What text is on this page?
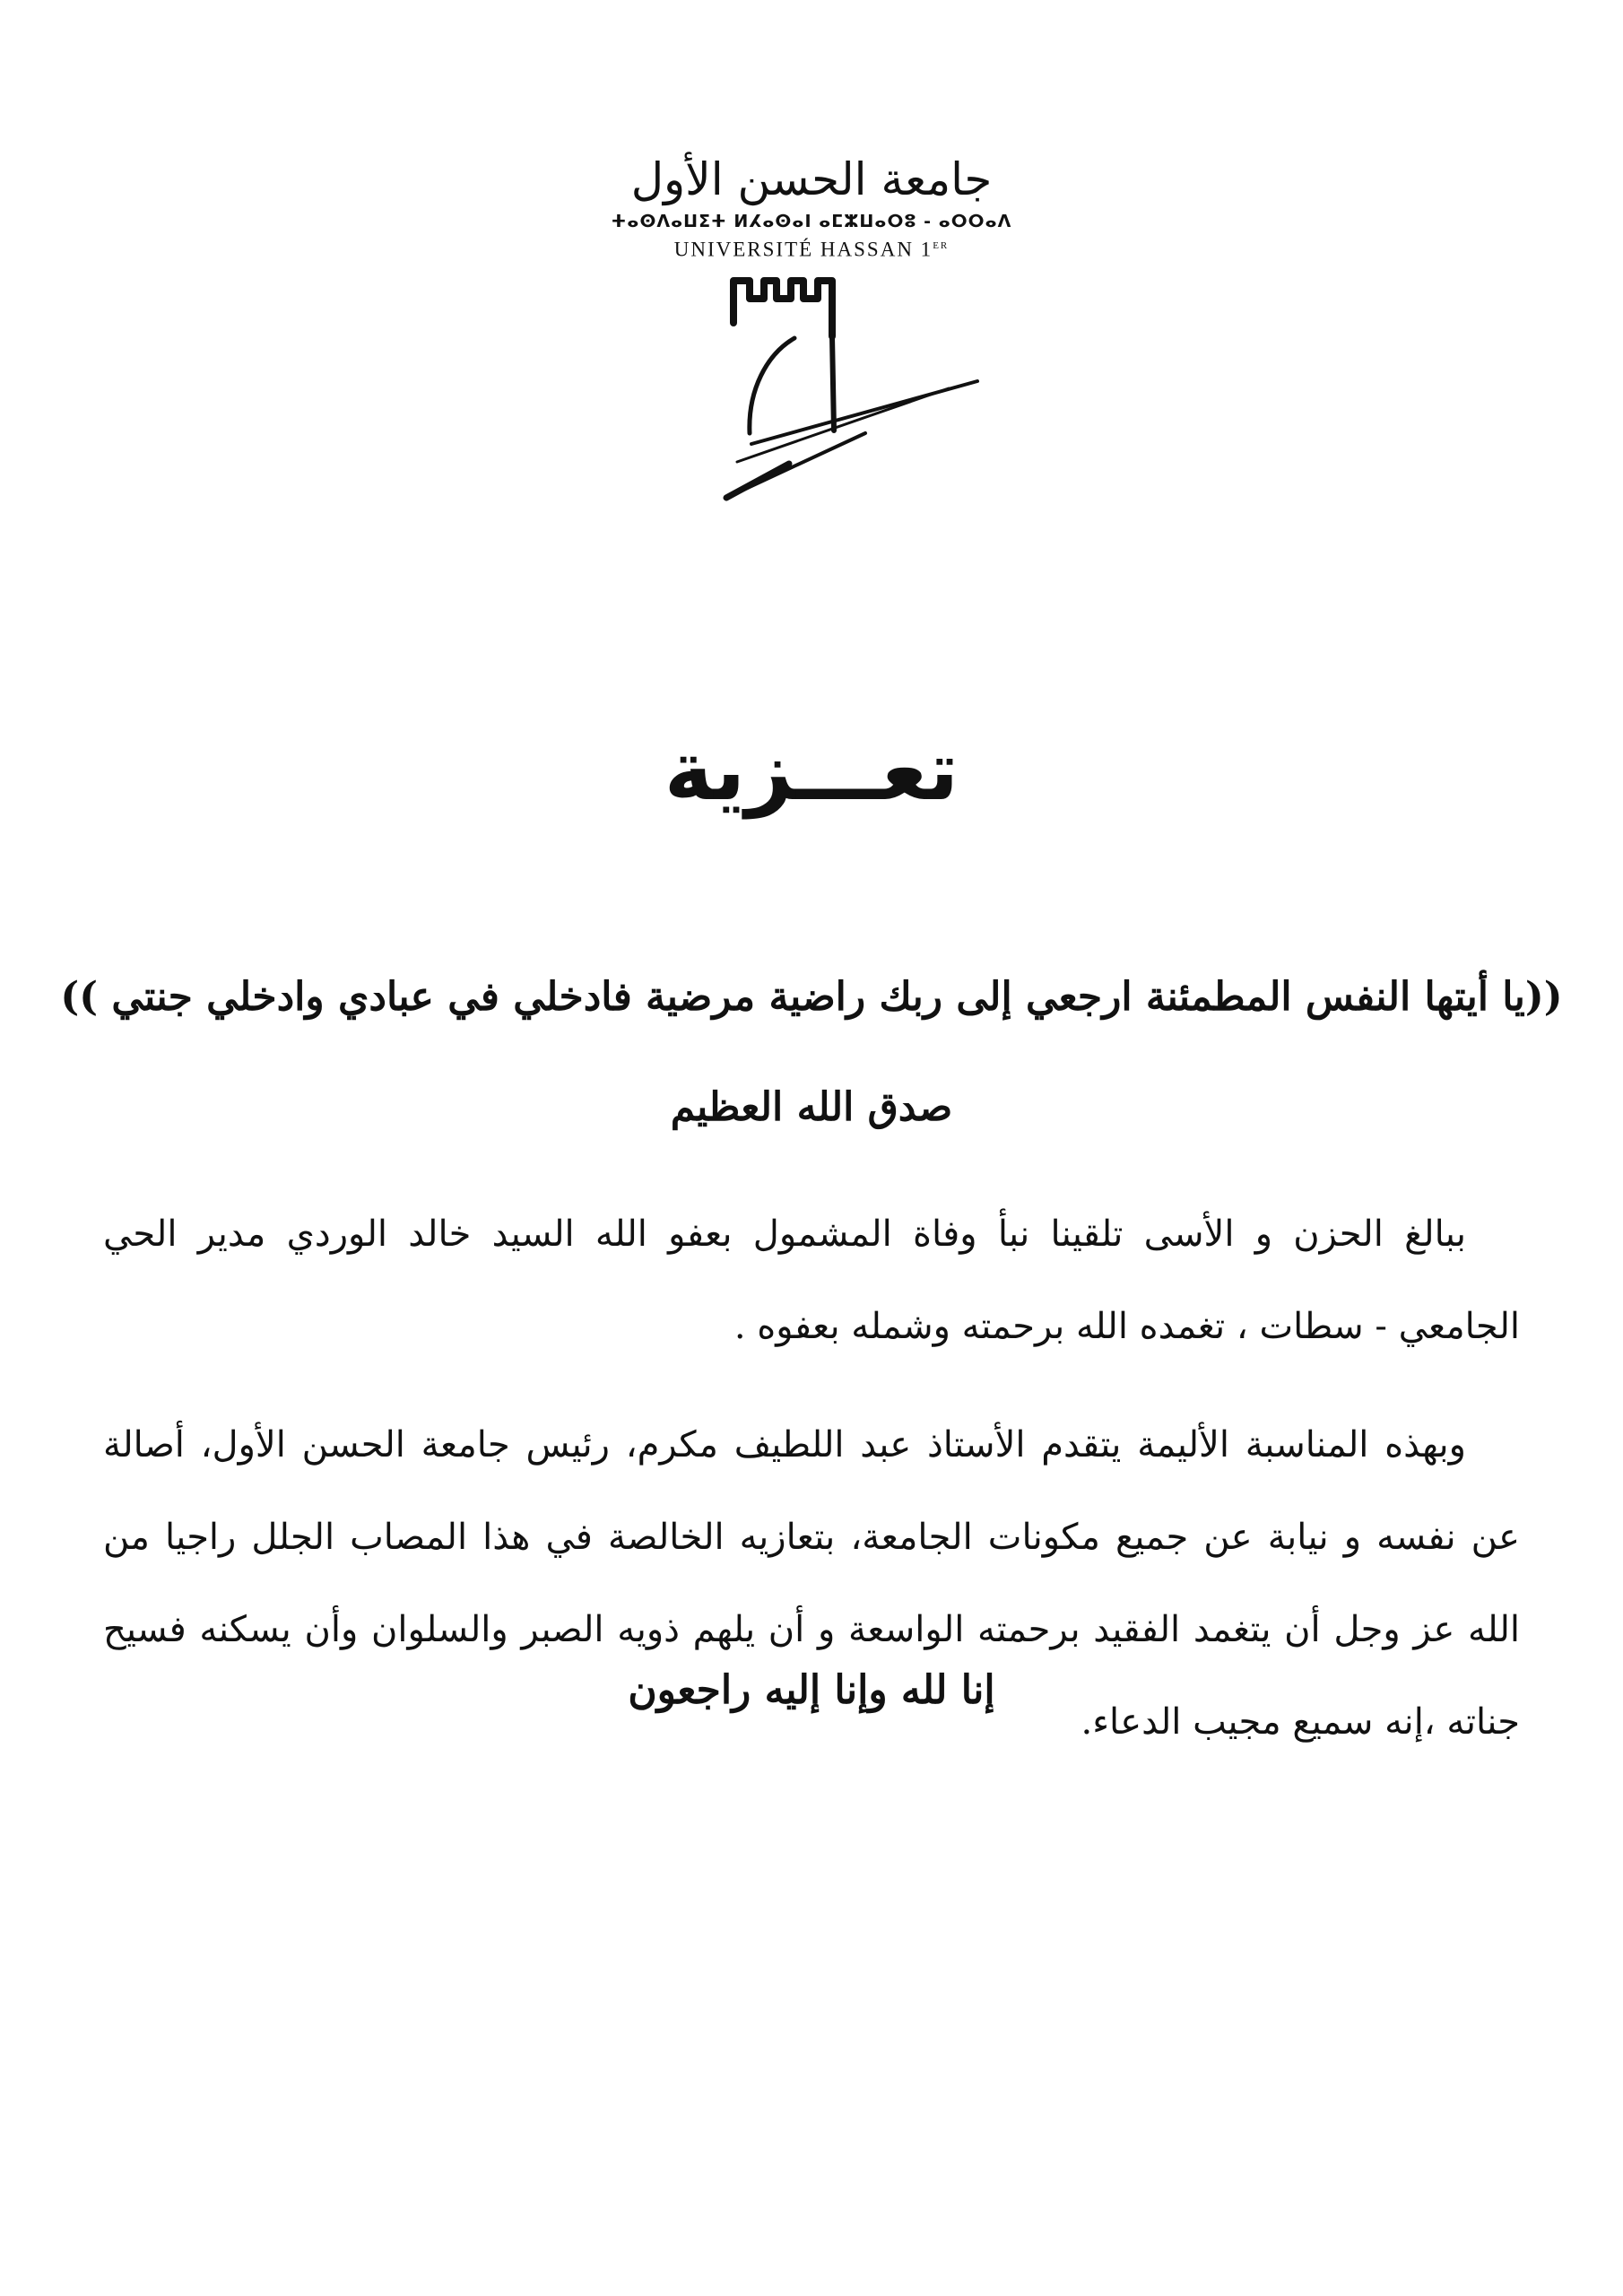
جامعة الحسن الأول
ⵜⴰⵙⴷⴰⵡⵉⵜ ⵍⵃⴰⵙⴰⵏ ⴰⵎⵣⵡⴰⵔⵓ - ⴰⵔⵔⴰⴷ
UNIVERSITÉ HASSAN 1ER
تعـــزية
((يا أيتها النفس المطمئنة ارجعي إلى ربك راضية مرضية فادخلي في عبادي وادخلي جنتي ))
صدق الله العظيم

ببالغ الحزن و الأسى تلقينا نبأ وفاة المشمول بعفو الله السيد خالد الوردي مدير الحي الجامعي - سطات ، تغمده الله برحمته وشمله بعفوه .

وبهذه المناسبة الأليمة يتقدم الأستاذ عبد اللطيف مكرم، رئيس جامعة الحسن الأول، أصالة عن نفسه و نيابة عن جميع مكونات الجامعة، بتعازيه الخالصة في هذا المصاب الجلل راجيا من الله عز وجل أن يتغمد الفقيد برحمته الواسعة و أن يلهم ذويه الصبر والسلوان وأن يسكنه فسيح جناته ،إنه سميع مجيب الدعاء.

إنا لله وإنا إليه راجعون
